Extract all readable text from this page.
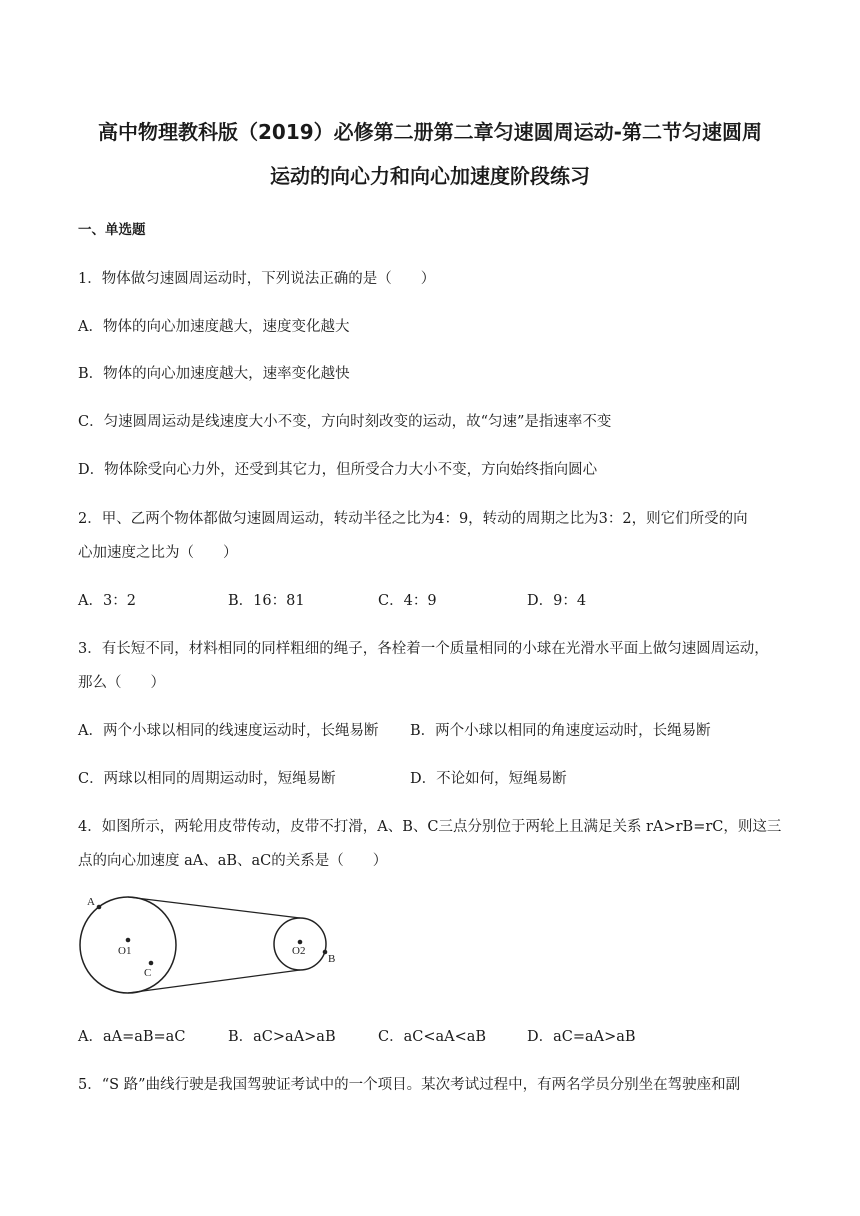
高中物理教科版（2019）必修第二册第二章匀速圆周运动-第二节匀速圆周
运动的向心力和向心加速度阶段练习
一、单选题
1．物体做匀速圆周运动时，下列说法正确的是（　　）
A．物体的向心加速度越大，速度变化越大
B．物体的向心加速度越大，速率变化越快
C．匀速圆周运动是线速度大小不变，方向时刻改变的运动，故“匀速”是指速率不变
D．物体除受向心力外，还受到其它力，但所受合力大小不变，方向始终指向圆心
2．甲、乙两个物体都做匀速圆周运动，转动半径之比为4：9，转动的周期之比为3：2，则它们所受的向
心加速度之比为（　　）
A．3：2	B．16：81	C．4：9	D．9：4
3．有长短不同，材料相同的同样粗细的绳子，各栓着一个质量相同的小球在光滑水平面上做匀速圆周运动，
那么（　　）
A．两个小球以相同的线速度运动时，长绳易断 B．两个小球以相同的角速度运动时，长绳易断
C．两球以相同的周期运动时，短绳易断	D．不论如何，短绳易断
4．如图所示，两轮用皮带传动，皮带不打滑，A、B、C三点分别位于两轮上且满足关系 rA>rB=rC，则这三
点的向心加速度 aA、aB、aC的关系是（　　）
A
O1
C
O2
B
A．aA=aB=aC	B．aC>aA>aB	C．aC<aA<aB	D．aC=aA>aB
5．“S 路”曲线行驶是我国驾驶证考试中的一个项目。某次考试过程中，有两名学员分别坐在驾驶座和副
